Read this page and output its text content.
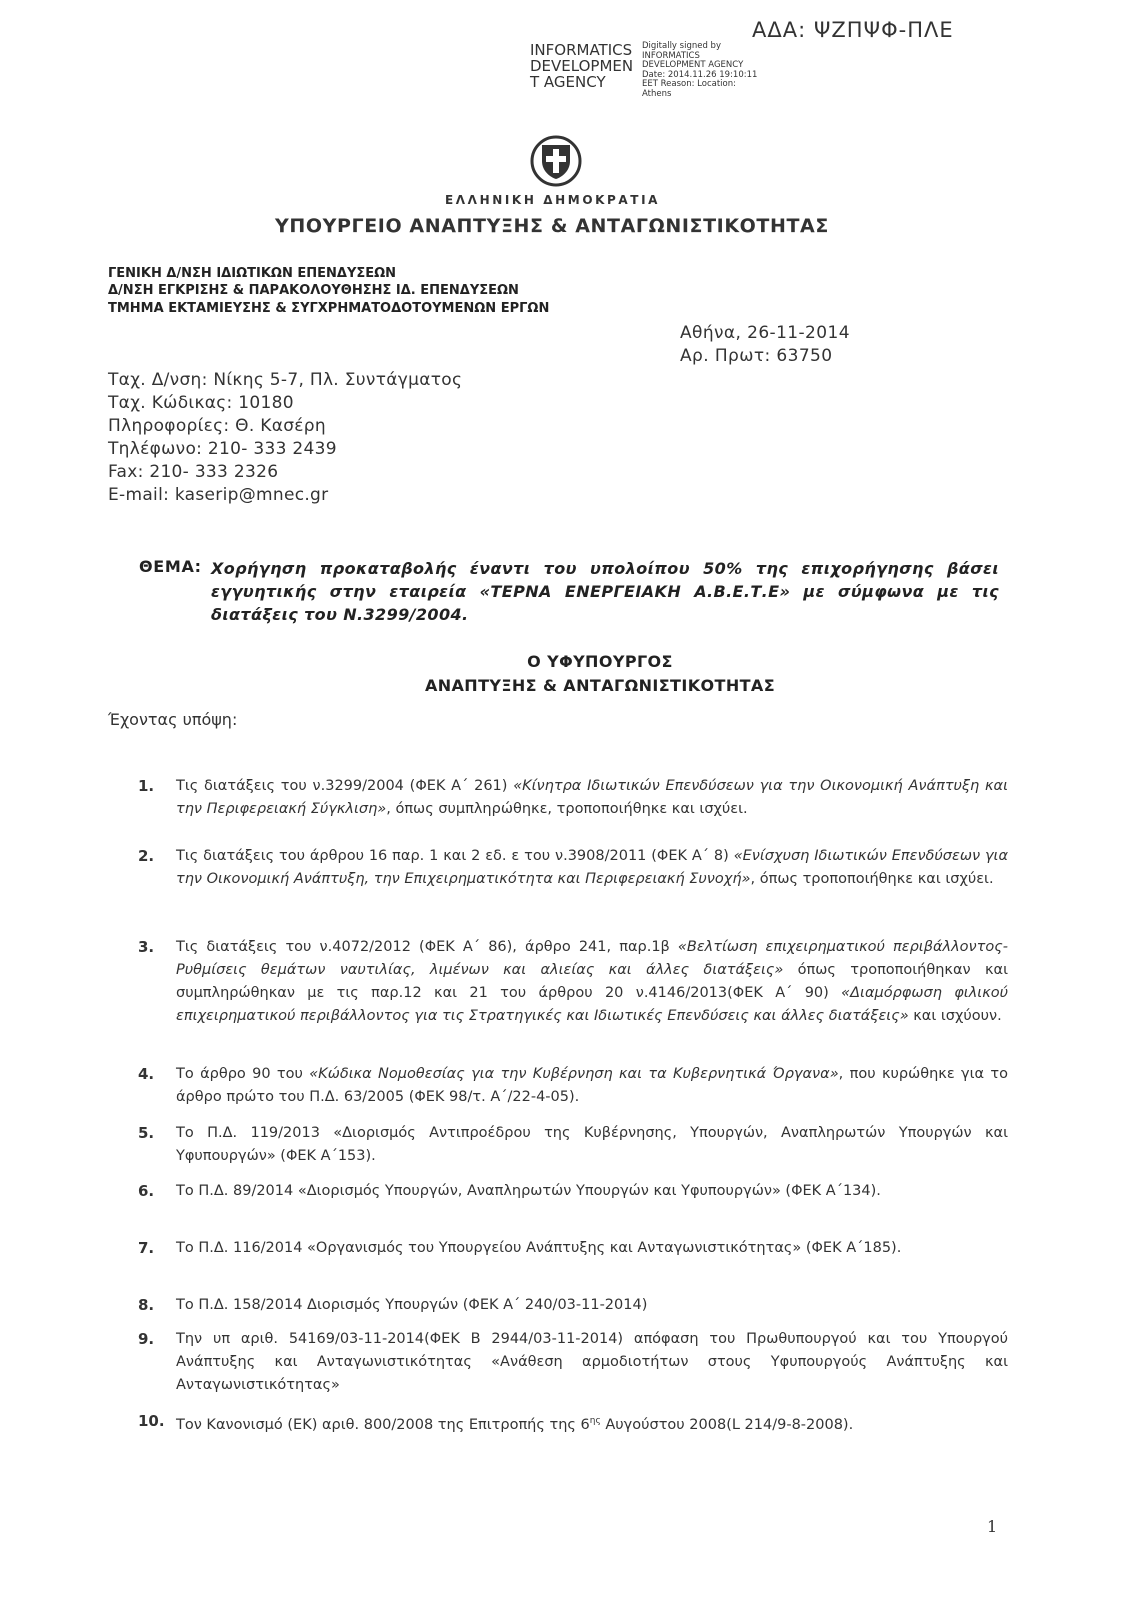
ΑΔΑ: ΨΖΠΨΦ-ΠΛΕ
INFORMATICS DEVELOPMEN T AGENCY
Digitally signed by INFORMATICS DEVELOPMENT AGENCY Date: 2014.11.26 19:10:11 EET Reason: Location: Athens
ΕΛΛΗΝΙΚΗ ΔΗΜΟΚΡΑΤΙΑ
ΥΠΟΥΡΓΕΙΟ ΑΝΑΠΤΥΞΗΣ & ΑΝΤΑΓΩΝΙΣΤΙΚΟΤΗΤΑΣ
ΓΕΝΙΚΗ Δ/ΝΣΗ ΙΔΙΩΤΙΚΩΝ ΕΠΕΝΔΥΣΕΩΝ
Δ/ΝΣΗ ΕΓΚΡΙΣΗΣ & ΠΑΡΑΚΟΛΟΥΘΗΣΗΣ ΙΔ. ΕΠΕΝΔΥΣΕΩΝ
ΤΜΗΜΑ ΕΚΤΑΜΙΕΥΣΗΣ & ΣΥΓΧΡΗΜΑΤΟΔΟΤΟΥΜΕΝΩΝ ΕΡΓΩΝ
Αθήνα, 26-11-2014
Αρ. Πρωτ: 63750
Ταχ. Δ/νση: Νίκης 5-7, Πλ. Συντάγματος
Ταχ. Κώδικας: 10180
Πληροφορίες: Θ. Κασέρη
Τηλέφωνο: 210- 333 2439
Fax: 210- 333 2326
E-mail: kaserip@mnec.gr
ΘΕΜΑ: Χορήγηση προκαταβολής έναντι του υπολοίπου 50% της επιχορήγησης βάσει εγγυητικής στην εταιρεία «ΤΕΡΝΑ ΕΝΕΡΓΕΙΑΚΗ Α.Β.Ε.Τ.Ε» με σύμφωνα με τις διατάξεις του Ν.3299/2004.
Ο ΥΦΥΠΟΥΡΓΟΣ
ΑΝΑΠΤΥΞΗΣ & ΑΝΤΑΓΩΝΙΣΤΙΚΟΤΗΤΑΣ
Έχοντας υπόψη:
1.	Τις διατάξεις του ν.3299/2004 (ΦΕΚ Α΄ 261) «Κίνητρα Ιδιωτικών Επενδύσεων για την Οικονομική Ανάπτυξη και την Περιφερειακή Σύγκλιση», όπως συμπληρώθηκε, τροποποιήθηκε και ισχύει.
2.	Τις διατάξεις του άρθρου 16 παρ. 1 και 2 εδ. ε του ν.3908/2011 (ΦΕΚ Α΄ 8) «Ενίσχυση Ιδιωτικών Επενδύσεων για την Οικονομική Ανάπτυξη, την Επιχειρηματικότητα και Περιφερειακή Συνοχή», όπως τροποποιήθηκε και ισχύει.
3.	Τις διατάξεις του ν.4072/2012 (ΦΕΚ Α΄ 86), άρθρο 241, παρ.1β «Βελτίωση επιχειρηματικού περιβάλλοντος- Ρυθμίσεις θεμάτων ναυτιλίας, λιμένων και αλιείας και άλλες διατάξεις» όπως τροποποιήθηκαν και συμπληρώθηκαν με τις παρ.12 και 21 του άρθρου 20 ν.4146/2013(ΦΕΚ Α΄ 90) «Διαμόρφωση φιλικού επιχειρηματικού περιβάλλοντος για τις Στρατηγικές και Ιδιωτικές Επενδύσεις και άλλες διατάξεις» και ισχύουν.
4.	Το άρθρο 90 του «Κώδικα Νομοθεσίας για την Κυβέρνηση και τα Κυβερνητικά Όργανα», που κυρώθηκε για το άρθρο πρώτο του Π.Δ. 63/2005 (ΦΕΚ 98/τ. Α΄/22-4-05).
5.	Το Π.Δ. 119/2013 «Διορισμός Αντιπροέδρου της Κυβέρνησης, Υπουργών, Αναπληρωτών Υπουργών και Υφυπουργών» (ΦΕΚ Α΄153).
6.	Το Π.Δ. 89/2014 «Διορισμός Υπουργών, Αναπληρωτών Υπουργών και Υφυπουργών» (ΦΕΚ Α΄134).
7.	Το Π.Δ. 116/2014 «Οργανισμός του Υπουργείου Ανάπτυξης και Ανταγωνιστικότητας» (ΦΕΚ Α΄185).
8.	Το Π.Δ. 158/2014 Διορισμός Υπουργών (ΦΕΚ Α΄ 240/03-11-2014)
9.	Την υπ αριθ. 54169/03-11-2014(ΦΕΚ Β 2944/03-11-2014) απόφαση του Πρωθυπουργού και του Υπουργού Ανάπτυξης και Ανταγωνιστικότητας «Ανάθεση αρμοδιοτήτων στους Υφυπουργούς Ανάπτυξης και Ανταγωνιστικότητας»
10. Τον Κανονισμό (ΕΚ) αριθ. 800/2008 της Επιτροπής της $6^{\eta\varsigma}$ Αυγούστου 2008(L 214/9-8-2008).
1
